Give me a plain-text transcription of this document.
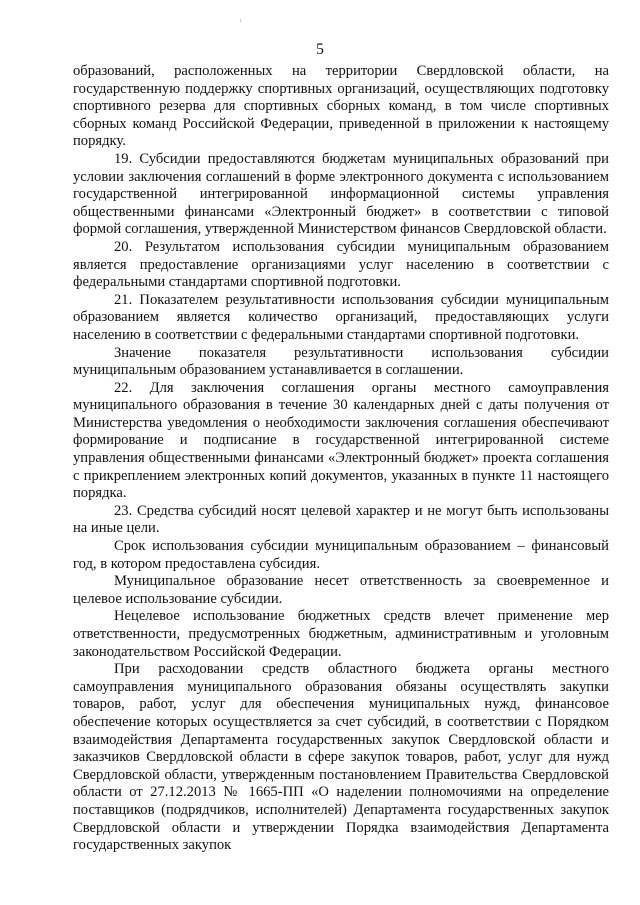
5

образований, расположенных на территории Свердловской области, на государственную поддержку спортивных организаций, осуществляющих подготовку спортивного резерва для спортивных сборных команд, в том числе спортивных сборных команд Российской Федерации, приведенной в приложении к настоящему порядку.

19. Субсидии предоставляются бюджетам муниципальных образований при условии заключения соглашений в форме электронного документа с использованием государственной интегрированной информационной системы управления общественными финансами «Электронный бюджет» в соответствии с типовой формой соглашения, утвержденной Министерством финансов Свердловской области.

20. Результатом использования субсидии муниципальным образованием является предоставление организациями услуг населению в соответствии с федеральными стандартами спортивной подготовки.

21. Показателем результативности использования субсидии муниципальным образованием является количество организаций, предоставляющих услуги населению в соответствии с федеральными стандартами спортивной подготовки.

Значение показателя результативности использования субсидии муниципальным образованием устанавливается в соглашении.

22. Для заключения соглашения органы местного самоуправления муниципального образования в течение 30 календарных дней с даты получения от Министерства уведомления о необходимости заключения соглашения обеспечивают формирование и подписание в государственной интегрированной системе управления общественными финансами «Электронный бюджет» проекта соглашения с прикреплением электронных копий документов, указанных в пункте 11 настоящего порядка.

23. Средства субсидий носят целевой характер и не могут быть использованы на иные цели.

Срок использования субсидии муниципальным образованием – финансовый год, в котором предоставлена субсидия.

Муниципальное образование несет ответственность за своевременное и целевое использование субсидии.

Нецелевое использование бюджетных средств влечет применение мер ответственности, предусмотренных бюджетным, административным и уголовным законодательством Российской Федерации.

При расходовании средств областного бюджета органы местного самоуправления муниципального образования обязаны осуществлять закупки товаров, работ, услуг для обеспечения муниципальных нужд, финансовое обеспечение которых осуществляется за счет субсидий, в соответствии с Порядком взаимодействия Департамента государственных закупок Свердловской области и заказчиков Свердловской области в сфере закупок товаров, работ, услуг для нужд Свердловской области, утвержденным постановлением Правительства Свердловской области от 27.12.2013 № 1665-ПП «О наделении полномочиями на определение поставщиков (подрядчиков, исполнителей) Департамента государственных закупок Свердловской области и утверждении Порядка взаимодействия Департамента государственных закупок
